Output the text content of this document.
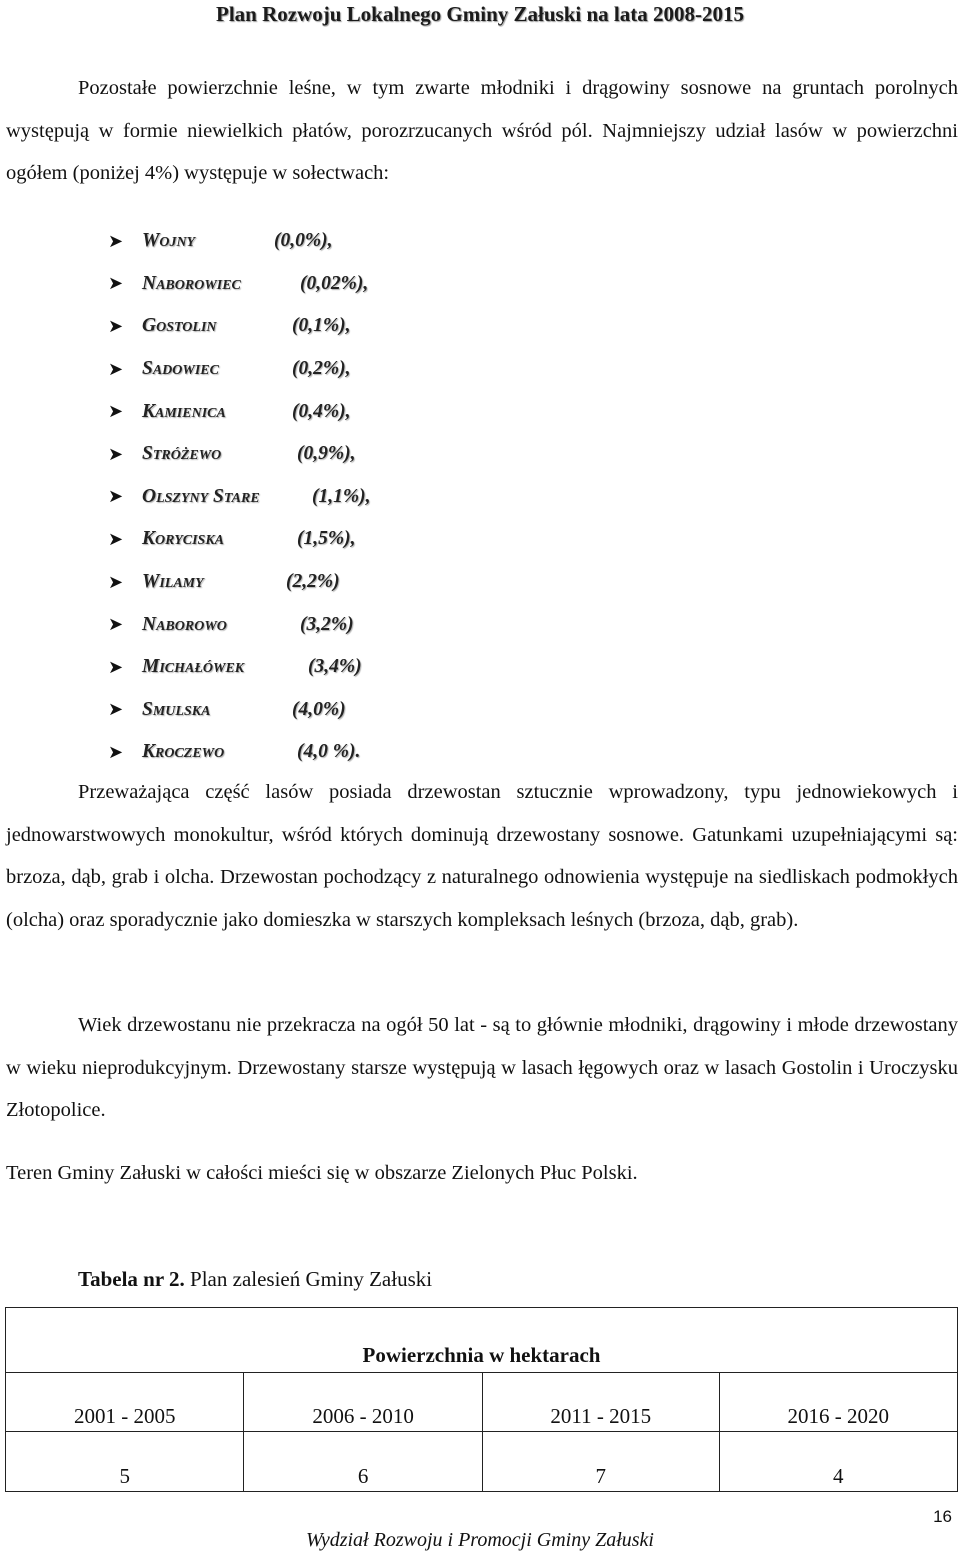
Plan Rozwoju Lokalnego Gminy Załuski na lata 2008-2015

Pozostałe powierzchnie leśne, w tym zwarte młodniki i drągowiny sosnowe na gruntach porolnych występują w formie niewielkich płatów, porozrzucanych wśród pól. Najmniejszy udział lasów w powierzchni ogółem (poniżej 4%) występuje w sołectwach:

➤ Wojny	(0,0%),
➤ Naborowiec	(0,02%),
➤ Gostolin	(0,1%),
➤ Sadowiec	(0,2%),
➤ Kamienica	(0,4%),
➤ Stróżewo	(0,9%),
➤ Olszyny Stare	(1,1%),
➤ Koryciska	(1,5%),
➤ Wilamy	(2,2%)
➤ Naborowo	(3,2%)
➤ Michałówek	(3,4%)
➤ Smulska	(4,0%)
➤ Kroczewo	(4,0 %).

Przeważająca część lasów posiada drzewostan sztucznie wprowadzony, typu jednowiekowych i jednowarstwowych monokultur, wśród których dominują drzewostany sosnowe. Gatunkami uzupełniającymi są: brzoza, dąb, grab i olcha. Drzewostan pochodzący z naturalnego odnowienia występuje na siedliskach podmokłych (olcha) oraz sporadycznie jako domieszka w starszych kompleksach leśnych (brzoza, dąb, grab).

Wiek drzewostanu nie przekracza na ogół 50 lat - są to głównie młodniki, drągowiny i młode drzewostany w wieku nieprodukcyjnym. Drzewostany starsze występują w lasach łęgowych oraz w lasach Gostolin i Uroczysku Złotopolice.

Teren Gminy Załuski w całości mieści się w obszarze Zielonych Płuc Polski.

Tabela nr 2. Plan zalesień Gminy Załuski
Powierzchnia w hektarach			
2001 - 2005	2006 - 2010	2011 - 2015	2016 - 2020
5	6	7	4
16
Wydział Rozwoju i Promocji Gminy Załuski
